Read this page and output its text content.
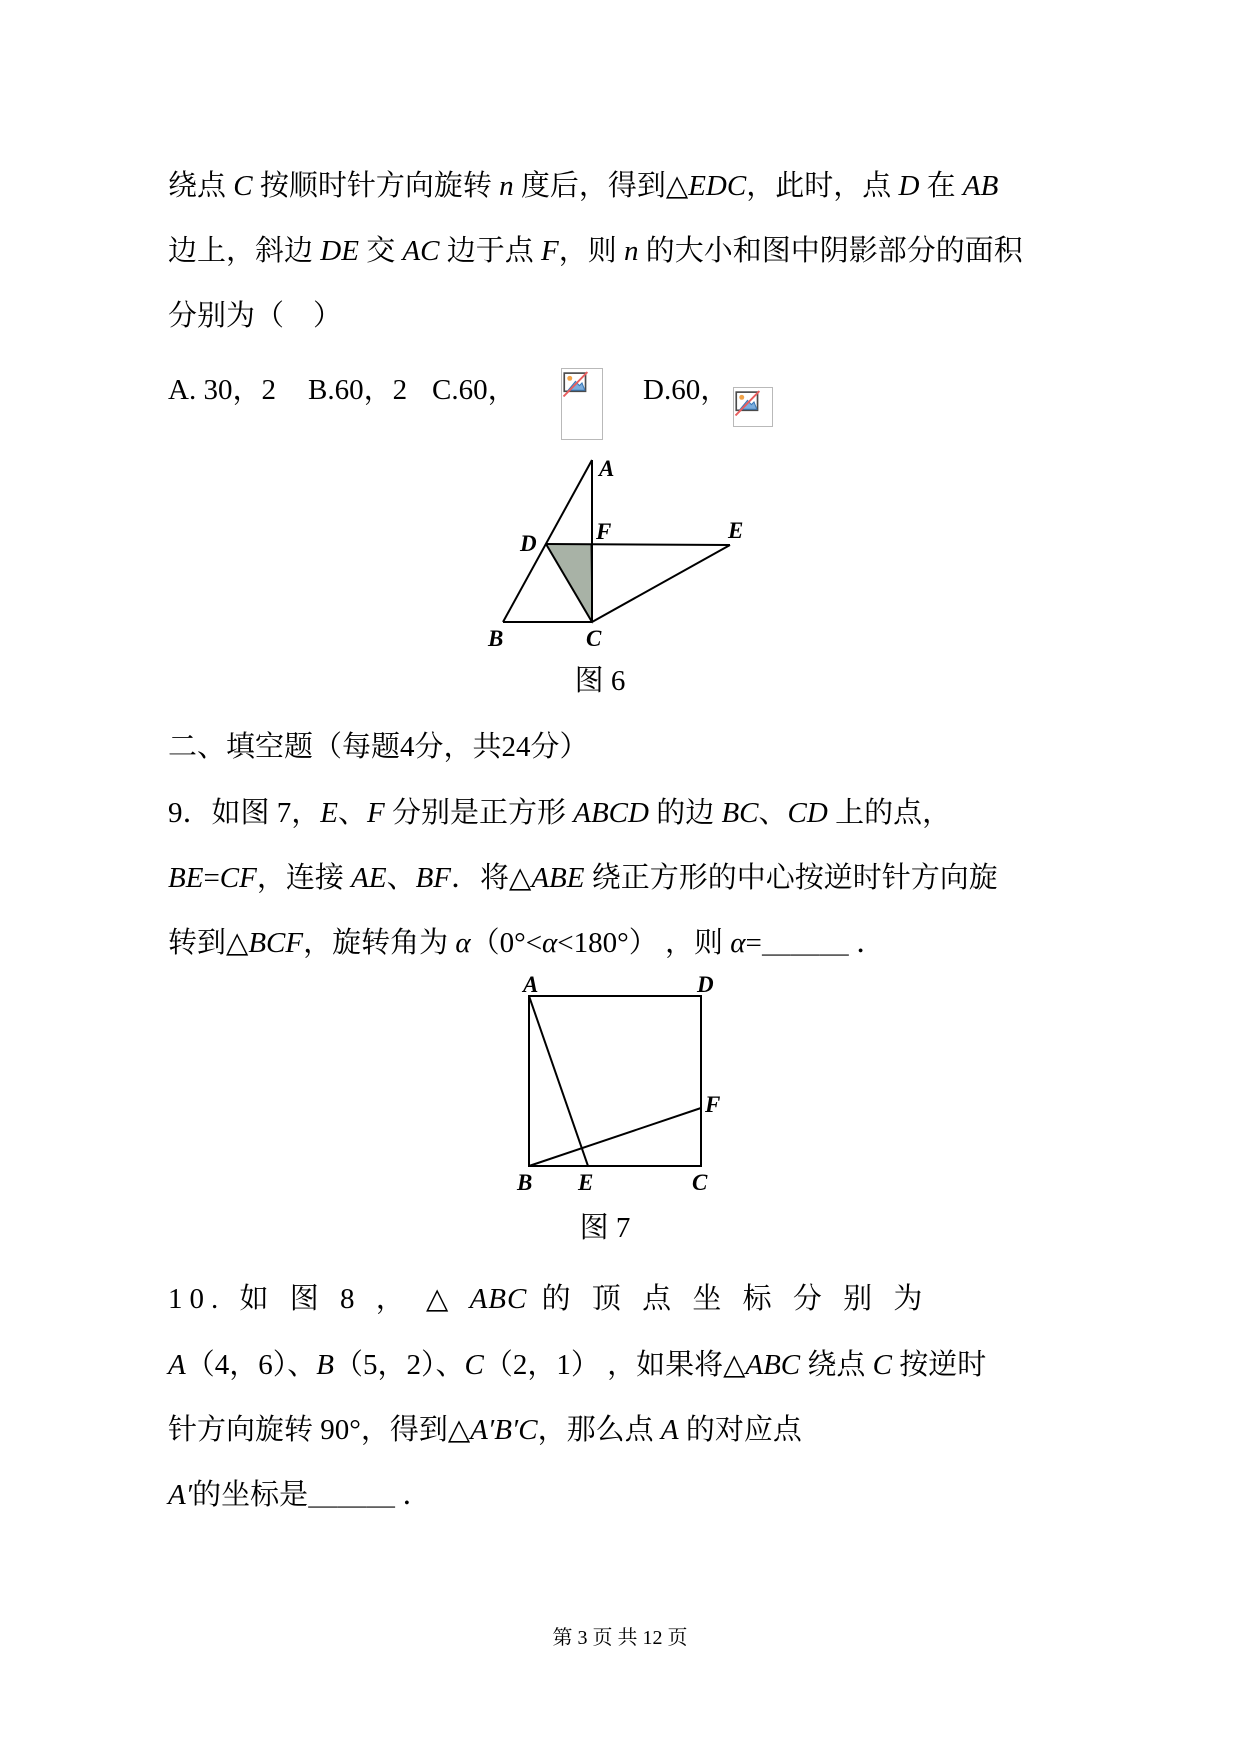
绕点 C 按顺时针方向旋转 n 度后，得到△EDC，此时，点 D 在 AB
边上，斜边 DE 交 AC 边于点 F，则 n 的大小和图中阴影部分的面积
分别为（　）
A. 30，2 B.60，2 C.60，	D.60，
A
D	F	E
B	C
图 6
二、填空题（每题4分，共24分）
9．如图 7，E、F 分别是正方形 ABCD 的边 BC、CD 上的点，
BE=CF，连接 AE、BF．将△ABE 绕正方形的中心按逆时针方向旋
转到△BCF，旋转角为 α（0°<α<180°） ，则 α=＿＿＿ ．
A	D
F
B E	C
图 7
10. 如 图 8 ， △ ABC 的 顶 点 坐 标 分 别 为
A（4，6）、B（5，2）、C（2，1） ，如果将△ABC 绕点 C 按逆时
针方向旋转 90°，得到△A′B′C，那么点 A 的对应点
A′的坐标是＿＿＿ ．
第 3 页 共 12 页
